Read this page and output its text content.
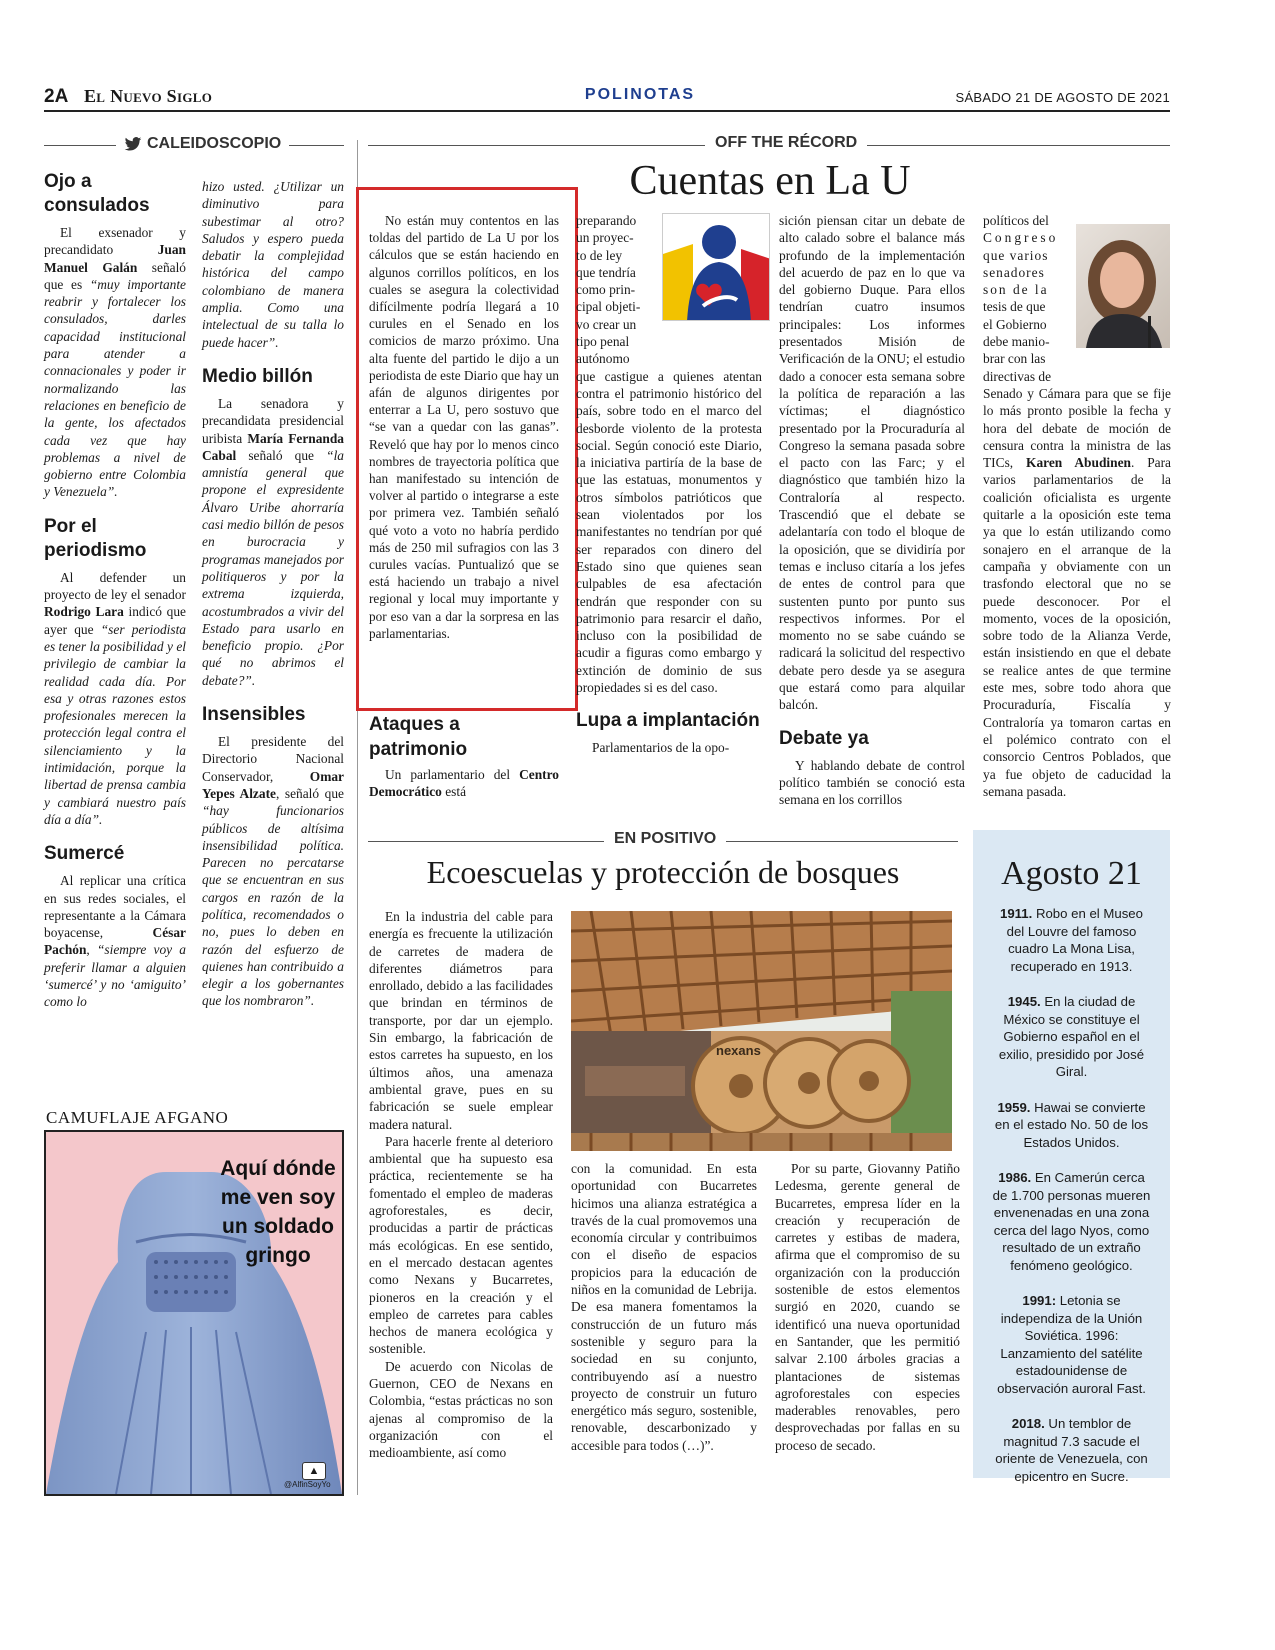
2A El Nuevo Siglo	POLINOTAS	SÁBADO 21 DE AGOSTO DE 2021
CALEIDOSCOPIO
Ojo a consulados

El exsenador y precandidato Juan Manuel Galán señaló que es “muy importante reabrir y fortalecer los consulados, darles capacidad institucional para atender a connacionales y poder ir normalizando las relaciones en beneficio de la gente, los afectados cada vez que hay problemas a nivel de gobierno entre Colombia y Venezuela”.

Por el periodismo

Al defender un proyecto de ley el senador Rodrigo Lara indicó que ayer que “ser periodista es tener la posibilidad y el privilegio de cambiar la realidad cada día. Por esa y otras razones estos profesionales merecen la protección legal contra el silenciamiento y la intimidación, porque la libertad de prensa cambia y cambiará nuestro país día a día”.

Sumercé

Al replicar una crítica en sus redes sociales, el representante a la Cámara boyacense, César Pachón, “siempre voy a preferir llamar a alguien ‘sumercé’ y no ‘amiguito’ como lo

hizo usted. ¿Utilizar un diminutivo para subestimar al otro? Saludos y espero pueda debatir la complejidad histórica del campo colombiano de manera amplia. Como una intelectual de su talla lo puede hacer”.

Medio billón

La senadora y precandidata presidencial uribista María Fernanda Cabal señaló que “la amnistía general que propone el expresidente Álvaro Uribe ahorraría casi medio billón de pesos en burocracia y programas manejados por politiqueros y por la extrema izquierda, acostumbrados a vivir del Estado para usarlo en beneficio propio. ¿Por qué no abrimos el debate?”.

Insensibles

El presidente del Directorio Nacional Conservador, Omar Yepes Alzate, señaló que “hay funcionarios públicos de altísima insensibilidad política. Parecen no percatarse que se encuentran en sus cargos en razón de la política, recomendados o no, pues lo deben en razón del esfuerzo de quienes han contribuido a elegir a los gobernantes que los nombraron”.

CAMUFLAJE AFGANO
Aquí dónde me ven soy un soldado gringo
▲
@AlfinSoyYo
OFF THE RÉCORD
Cuentas en La U

No están muy contentos en las toldas del partido de La U por los cálculos que se están haciendo en algunos corrillos políticos, en los cuales se asegura la colectividad difícilmente podría llegará a 10 curules en el Senado en los comicios de marzo próximo. Una alta fuente del partido le dijo a un periodista de este Diario que hay un afán de algunos dirigentes por enterrar a La U, pero sostuvo que “se van a quedar con las ganas”. Reveló que hay por lo menos cinco nombres de trayectoria política que han manifestado su intención de volver al partido o integrarse a este por primera vez. También señaló qué voto a voto no habría perdido más de 250 mil sufragios con las 3 curules vacías. Puntualizó que se está haciendo un trabajo a nivel regional y local muy importante y por eso van a dar la sorpresa en las parlamentarias.

Ataques a patrimonio

Un parlamentario del Centro Democrático está

preparando
un proyec-
to de ley
que tendría
como prin-
cipal objeti-
vo crear un
tipo penal
autónomo

que castigue a quienes atentan contra el patrimonio histórico del país, sobre todo en el marco del desborde violento de la protesta social. Según conoció este Diario, la iniciativa partiría de la base de que las estatuas, monumentos y otros símbolos patrióticos que sean violentados por los manifestantes no tendrían por qué ser reparados con dinero del Estado sino que quienes sean culpables de esa afectación tendrán que responder con su patrimonio para resarcir el daño, incluso con la posibilidad de acudir a figuras como embargo y extinción de dominio de sus propiedades si es del caso.

Lupa a implantación

Parlamentarios de la opo-

sición piensan citar un debate de alto calado sobre el balance más profundo de la implementación del acuerdo de paz en lo que va del gobierno Duque. Para ellos tendrían cuatro insumos principales: Los informes presentados Misión de Verificación de la ONU; el estudio dado a conocer esta semana sobre la política de reparación a las víctimas; el diagnóstico presentado por la Procuraduría al Congreso la semana pasada sobre el pacto con las Farc; y el diagnóstico que también hizo la Contraloría al respecto. Trascendió que el debate se adelantaría con todo el bloque de la oposición, que se dividiría por temas e incluso citaría a los jefes de entes de control para que sustenten punto por punto sus respectivos informes. Por el momento no se sabe cuándo se radicará la solicitud del respectivo debate pero desde ya se asegura que estará como para alquilar balcón.

Debate ya

Y hablando debate de control político también se conoció esta semana en los corrillos

políticos del
Congreso
que varios
senadores
son de la
tesis de que
el Gobierno
debe manio-
brar con las
directivas de

Senado y Cámara para que se fije lo más pronto posible la fecha y hora del debate de moción de censura contra la ministra de las TICs, Karen Abudinen. Para varios parlamentarios de la coalición oficialista es urgente quitarle a la oposición este tema ya que lo están utilizando como sonajero en el arranque de la campaña y obviamente con un trasfondo electoral que no se puede desconocer. Por el momento, voces de la oposición, sobre todo de la Alianza Verde, están insistiendo en que el debate se realice antes de que termine este mes, sobre todo ahora que Procuraduría, Fiscalía y Contraloría ya tomaron cartas en el polémico contrato con el consorcio Centros Poblados, que ya fue objeto de caducidad la semana pasada.

EN POSITIVO
Ecoescuelas y protección de bosques

En la industria del cable para energía es frecuente la utilización de carretes de madera de diferentes diámetros para enrollado, debido a las facilidades que brindan en términos de transporte, por dar un ejemplo. Sin embargo, la fabricación de estos carretes ha supuesto, en los últimos años, una amenaza ambiental grave, pues en su fabricación se suele emplear madera natural.

Para hacerle frente al deterioro ambiental que ha supuesto esa práctica, recientemente se ha fomentado el empleo de maderas agroforestales, es decir, producidas a partir de prácticas más ecológicas. En ese sentido, en el mercado destacan agentes como Nexans y Bucarretes, pioneros en la creación y el empleo de carretes para cables hechos de manera ecológica y sostenible.

De acuerdo con Nicolas de Guernon, CEO de Nexans en Colombia, “estas prácticas no son ajenas al compromiso de la organización con el medioambiente, así como

nexans

con la comunidad. En esta oportunidad con Bucarretes hicimos una alianza estratégica a través de la cual promovemos una economía circular y contribuimos con el diseño de espacios propicios para la educación de niños en la comunidad de Lebrija. De esa manera fomentamos la construcción de un futuro más sostenible y seguro para la sociedad en su conjunto, contribuyendo así a nuestro proyecto de construir un futuro energético más seguro, sostenible, renovable, descarbonizado y accesible para todos (…)”.

Por su parte, Giovanny Patiño Ledesma, gerente general de Bucarretes, empresa líder en la creación y recuperación de carretes y estibas de madera, afirma que el compromiso de su organización con la producción sostenible de estos elementos surgió en 2020, cuando se identificó una nueva oportunidad en Santander, que les permitió salvar 2.100 árboles gracias a plantaciones de sistemas agroforestales con especies maderables renovables, pero desprovechadas por fallas en su proceso de secado.

Agosto 21

1911. Robo en el Museo del Louvre del famoso cuadro La Mona Lisa, recuperado en 1913.

1945. En la ciudad de México se constituye el Gobierno español en el exilio, presidido por José Giral.

1959. Hawai se convierte en el estado No. 50 de los Estados Unidos.

1986. En Camerún cerca de 1.700 personas mueren envenenadas en una zona cerca del lago Nyos, como resultado de un extraño fenómeno geológico.

1991: Letonia se independiza de la Unión Soviética. 1996: Lanzamiento del satélite estadounidense de observación auroral Fast.

2018. Un temblor de magnitud 7.3 sacude el oriente de Venezuela, con epicentro en Sucre.
